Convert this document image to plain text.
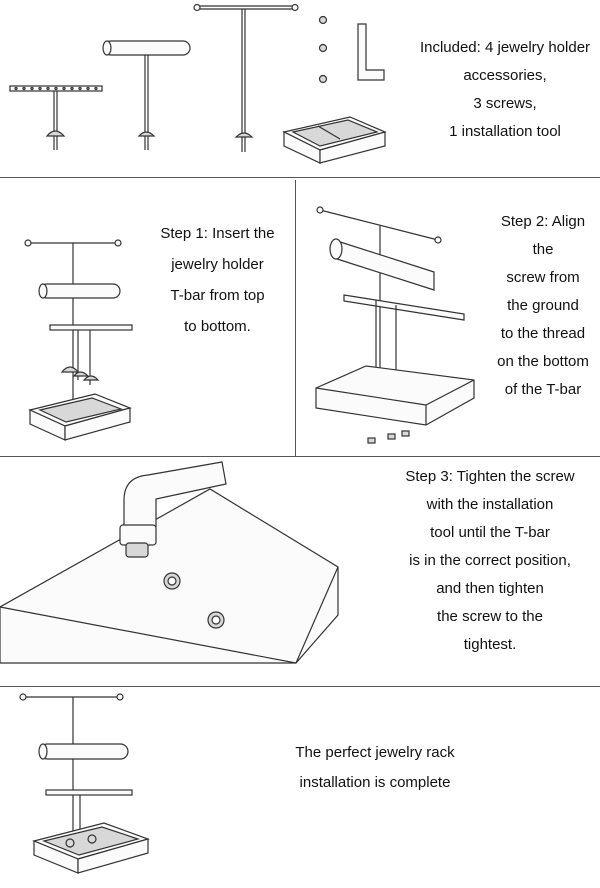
Included: 4 jewelry holder
accessories,
3 screws,
1 installation tool
Step 1: Insert the
jewelry holder
T-bar from top
to bottom.
Step 2: Align
the
screw from
the ground
to the thread
on the bottom
of the T-bar
Step 3: Tighten the screw
with the installation
tool until the T-bar
is in the correct position,
and then tighten
the screw to the
tightest.
The perfect jewelry rack
installation is complete
